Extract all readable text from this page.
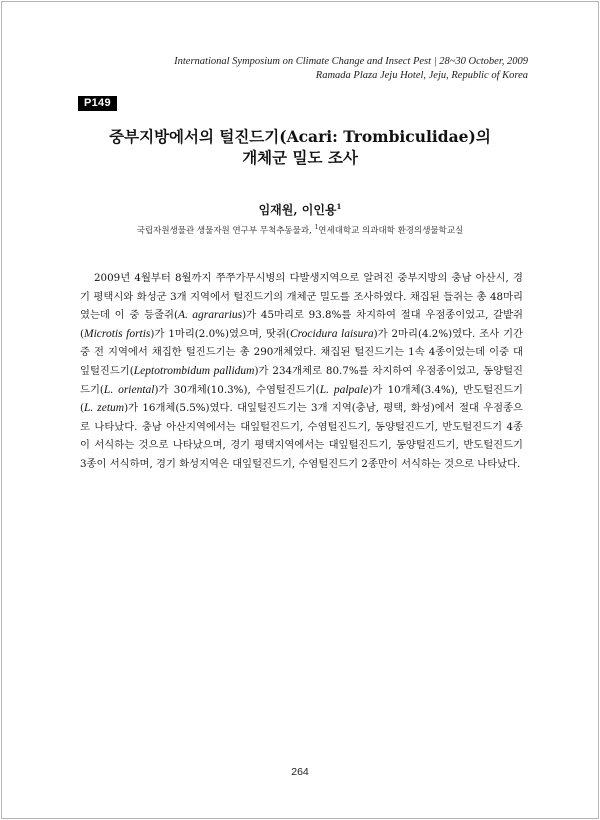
International Symposium on Climate Change and Insect Pest | 28~30 October, 2009
Ramada Plaza Jeju Hotel, Jeju, Republic of Korea
P149
중부지방에서의 털진드기(Acari: Trombiculidae)의
개체군 밀도 조사
임재원, 이인용$^1$
국립자원생물관 생물자원 연구부 무척추동물과, $^1$연세대학교 의과대학 환경의생물학교실
2009년 4월부터 8월까지 쭈쭈가무시병의 다발생지역으로 알려진 중부지방의 충남 아산시, 경기 평택시와 화성군 3개 지역에서 털진드기의 개체군 밀도를 조사하였다. 채집된 들쥐는 총 48마리였는데 이 중 등줄쥐(A. agrararius)가 45마리로 93.8%를 차지하여 절대 우점종이었고, 갈밭쥐(Microtis fortis)가 1마리(2.0%)였으며, 땃쥐(Crocidura laisura)가 2마리(4.2%)였다. 조사 기간 중 전 지역에서 채집한 털진드기는 총 290개체였다. 채집된 털진드기는 1속 4종이었는데 이중 대잎털진드기(Leptotrombidum pallidum)가 234개체로 80.7%를 차지하여 우점종이었고, 동양털진드기(L. oriental)가 30개체(10.3%), 수염털진드기(L. palpale)가 10개체(3.4%), 반도털진드기(L. zetum)가 16개체(5.5%)였다. 대잎털진드기는 3개 지역(충남, 평택, 화성)에서 절대 우점종으로 나타났다. 충남 아산지역에서는 대잎털진드기, 수염털진드기, 동양털진드기, 반도털진드기 4종이 서식하는 것으로 나타났으며, 경기 평택지역에서는 대잎털진드기, 동양털진드기, 반도털진드기 3종이 서식하며, 경기 화성지역은 대잎털진드기, 수염털진드기 2종만이 서식하는 것으로 나타났다.
264
